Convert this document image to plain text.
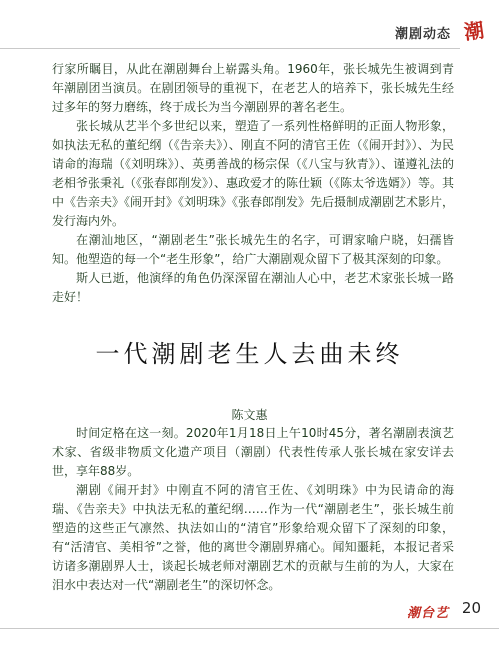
潮剧动态 潮

行家所瞩目，从此在潮剧舞台上崭露头角。1960年，张长城先生被调到青年潮剧团当演员。在剧团领导的重视下，在老艺人的培养下，张长城先生经过多年的努力磨练，终于成长为当今潮剧界的著名老生。

张长城从艺半个多世纪以来，塑造了一系列性格鲜明的正面人物形象，如执法无私的董纪纲（《告亲夫》）、刚直不阿的清官王佐（《闹开封》）、为民请命的海瑞（《刘明珠》）、英勇善战的杨宗保（《八宝与狄青》）、谨遵礼法的老相爷张秉礼（《张春郎削发》）、惠政爱才的陈仕颖（《陈太爷选婿》）等。其中《告亲夫》《闹开封》《刘明珠》《张春郎削发》先后摄制成潮剧艺术影片，发行海内外。

在潮汕地区，“潮剧老生”张长城先生的名字，可谓家喻户晓，妇孺皆知。他塑造的每一个“老生形象”，给广大潮剧观众留下了极其深刻的印象。

斯人已逝，他演绎的角色仍深深留在潮汕人心中，老艺术家张长城一路走好！

一代潮剧老生人去曲未终
陈文惠

时间定格在这一刻。2020年1月18日上午10时45分，著名潮剧表演艺术家、省级非物质文化遗产项目（潮剧）代表性传承人张长城在家安详去世，享年88岁。

潮剧《闹开封》中刚直不阿的清官王佐、《刘明珠》中为民请命的海瑞、《告亲夫》中执法无私的董纪纲……作为一代“潮剧老生”，张长城生前塑造的这些正气凛然、执法如山的“清官”形象给观众留下了深刻的印象，有“活清官、美相爷”之誉，他的离世令潮剧界痛心。闻知噩耗，本报记者采访诸多潮剧界人士，谈起长城老师对潮剧艺术的贡献与生前的为人，大家在泪水中表达对一代“潮剧老生”的深切怀念。

潮台艺 20
